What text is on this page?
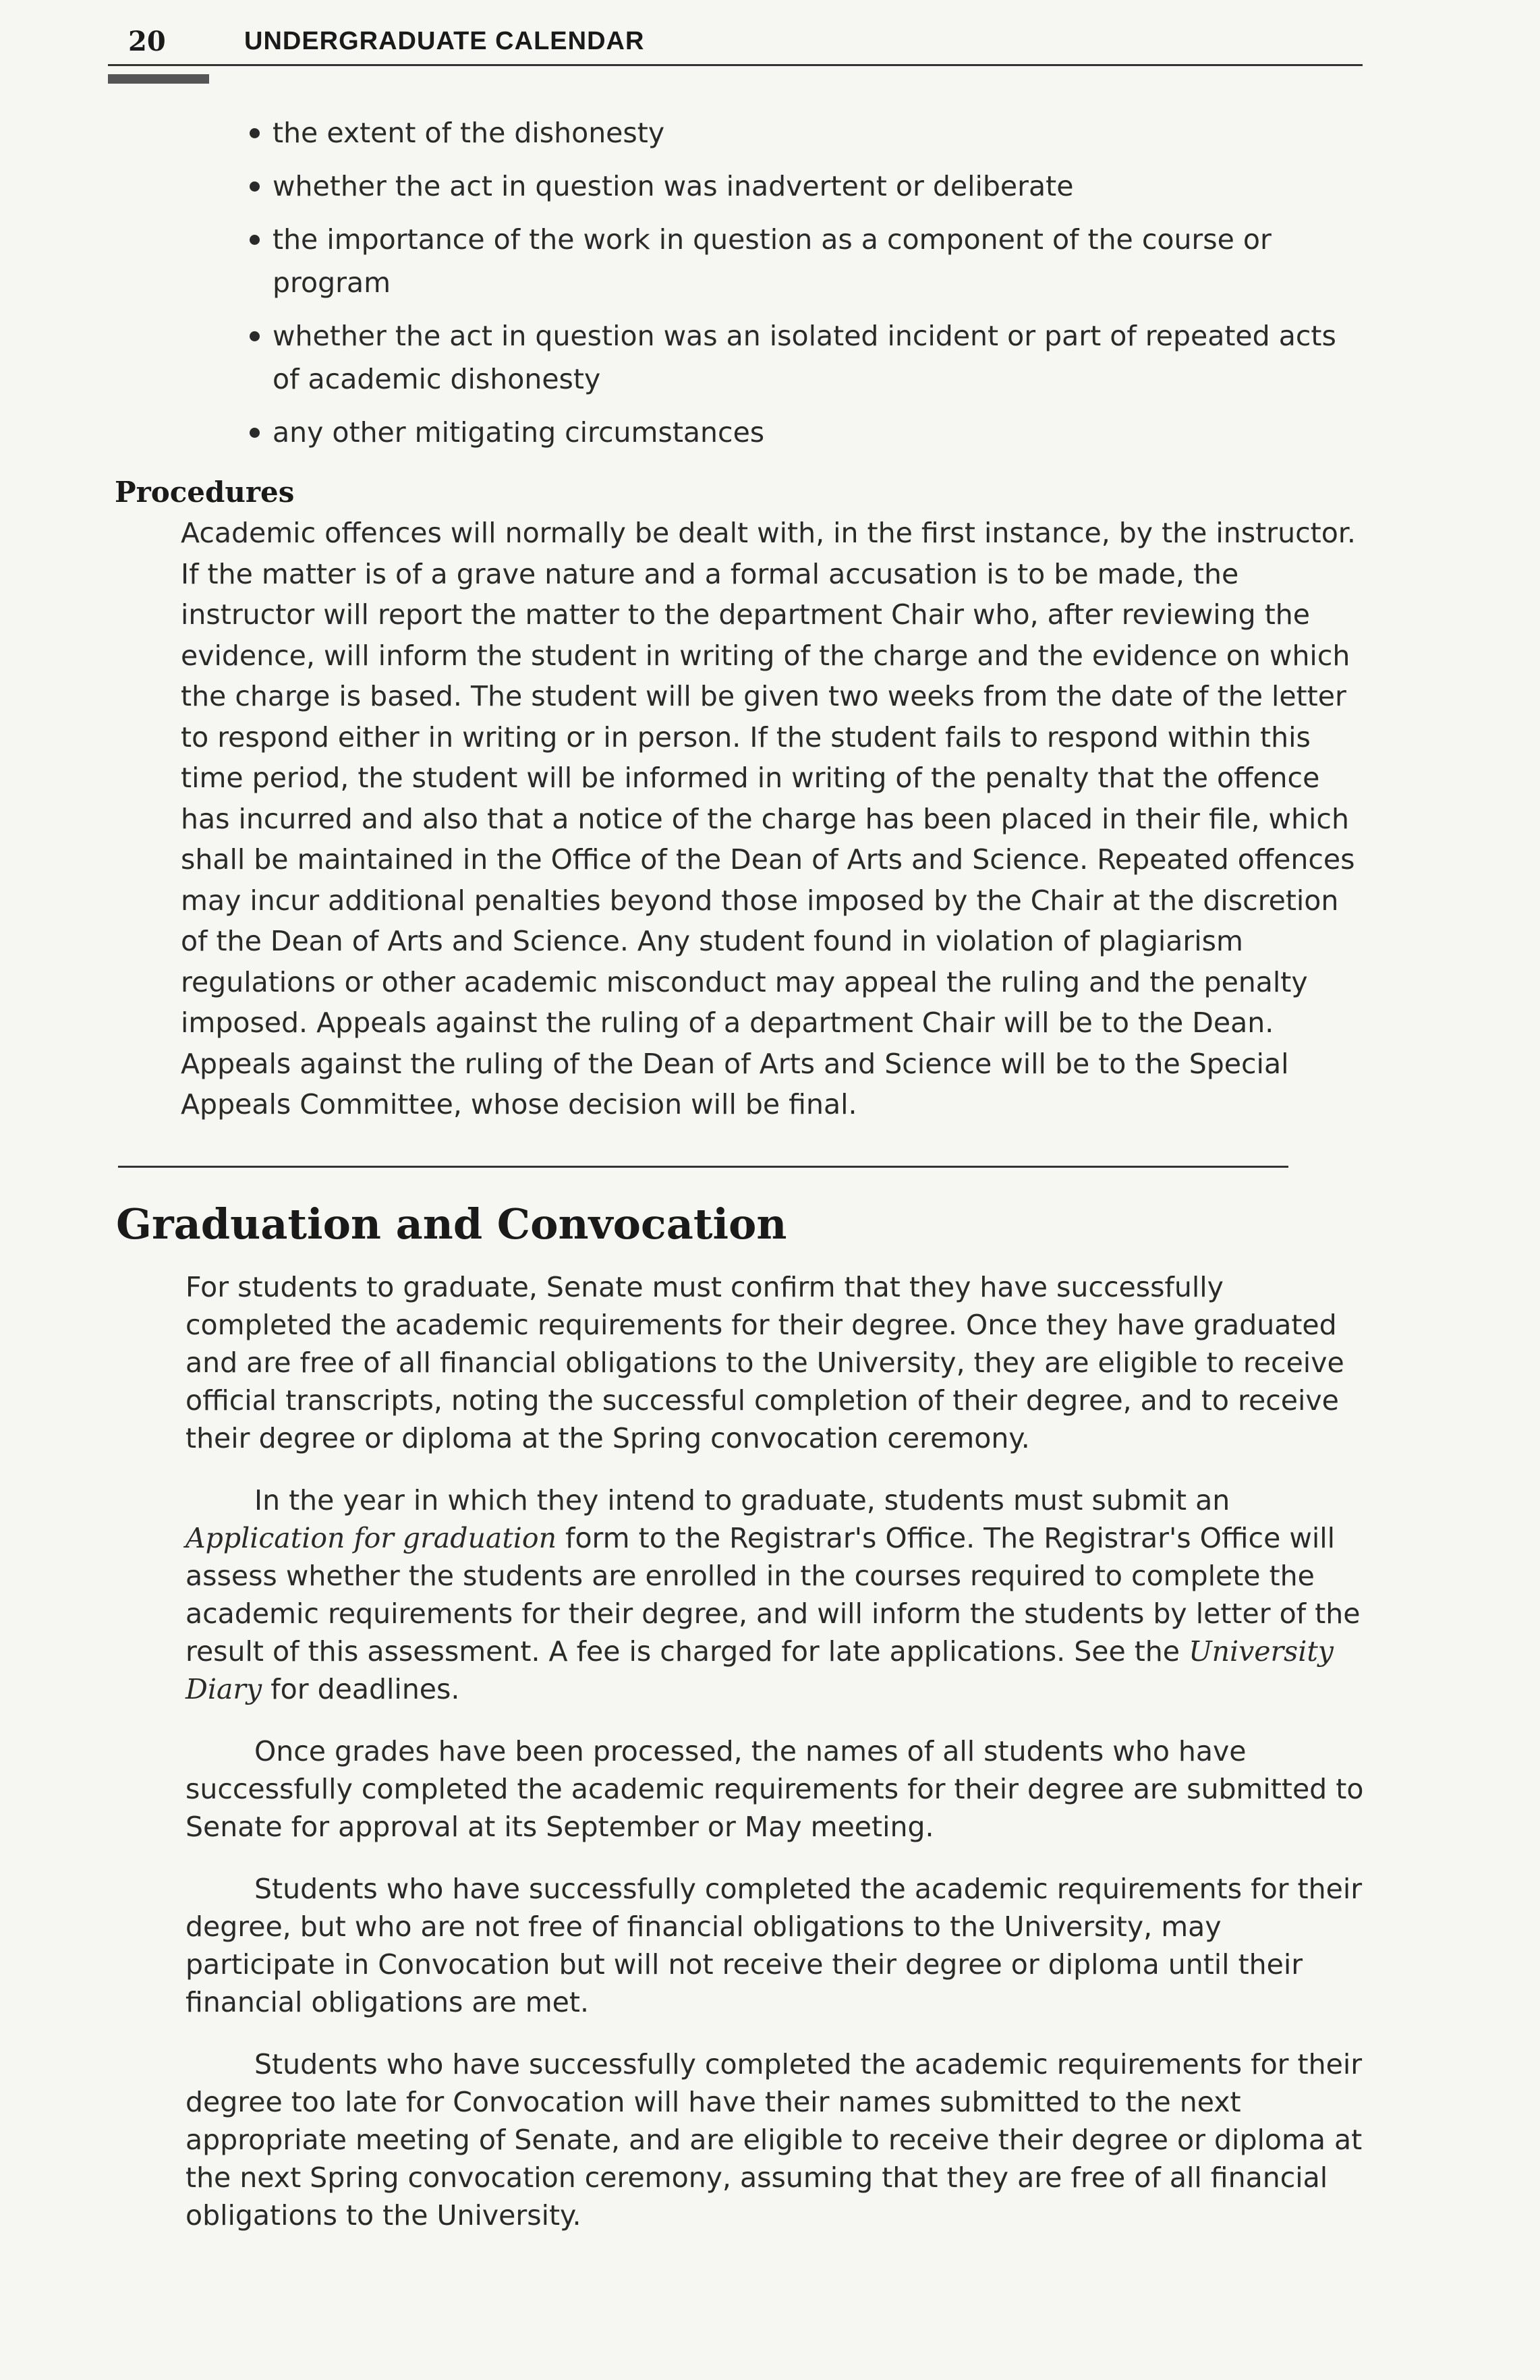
20	UNDERGRADUATE CALENDAR
the extent of the dishonesty
whether the act in question was inadvertent or deliberate
the importance of the work in question as a component of the course or program
whether the act in question was an isolated incident or part of repeated acts of academic dishonesty
any other mitigating circumstances
Procedures

Academic offences will normally be dealt with, in the first instance, by the instructor. If the matter is of a grave nature and a formal accusation is to be made, the instructor will report the matter to the department Chair who, after reviewing the evidence, will inform the student in writing of the charge and the evidence on which the charge is based. The student will be given two weeks from the date of the letter to respond either in writing or in person. If the student fails to respond within this time period, the student will be informed in writing of the penalty that the offence has incurred and also that a notice of the charge has been placed in their file, which shall be maintained in the Office of the Dean of Arts and Science. Repeated offences may incur additional penalties beyond those imposed by the Chair at the discretion of the Dean of Arts and Science. Any student found in violation of plagiarism regulations or other academic misconduct may appeal the ruling and the penalty imposed. Appeals against the ruling of a department Chair will be to the Dean. Appeals against the ruling of the Dean of Arts and Science will be to the Special Appeals Committee, whose decision will be final.

Graduation and Convocation

For students to graduate, Senate must confirm that they have successfully completed the academic requirements for their degree. Once they have graduated and are free of all financial obligations to the University, they are eligible to receive official transcripts, noting the successful completion of their degree, and to receive their degree or diploma at the Spring convocation ceremony.

In the year in which they intend to graduate, students must submit an Application for graduation form to the Registrar's Office. The Registrar's Office will assess whether the students are enrolled in the courses required to complete the academic requirements for their degree, and will inform the students by letter of the result of this assessment. A fee is charged for late applications. See the University Diary for deadlines.

Once grades have been processed, the names of all students who have successfully completed the academic requirements for their degree are submitted to Senate for approval at its September or May meeting.

Students who have successfully completed the academic requirements for their degree, but who are not free of financial obligations to the University, may participate in Convocation but will not receive their degree or diploma until their financial obligations are met.

Students who have successfully completed the academic requirements for their degree too late for Convocation will have their names submitted to the next appropriate meeting of Senate, and are eligible to receive their degree or diploma at the next Spring convocation ceremony, assuming that they are free of all financial obligations to the University.
